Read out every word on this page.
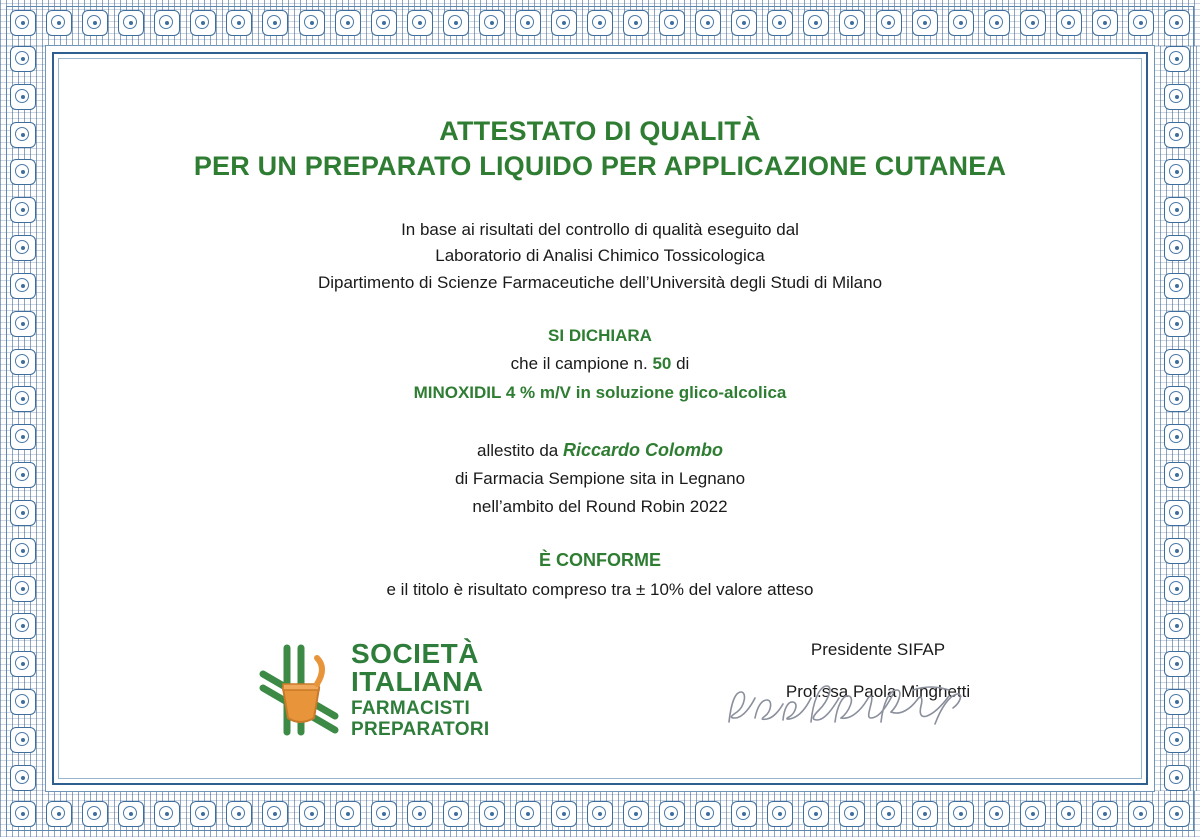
ATTESTATO DI QUALITÀ
PER UN PREPARATO LIQUIDO PER APPLICAZIONE CUTANEA
In base ai risultati del controllo di qualità eseguito dal
Laboratorio di Analisi Chimico Tossicologica
Dipartimento di Scienze Farmaceutiche dell’Università degli Studi di Milano
SI DICHIARA
che il campione n. 50 di
MINOXIDIL 4 % m/V in soluzione glico-alcolica
allestito da Riccardo Colombo
di Farmacia Sempione sita in Legnano
nell’ambito del Round Robin 2022
È CONFORME
e il titolo è risultato compreso tra ± 10% del valore atteso
SOCIETÀ
ITALIANA
FARMACISTI
PREPARATORI
Presidente SIFAP
Prof.ssa Paola Minghetti
